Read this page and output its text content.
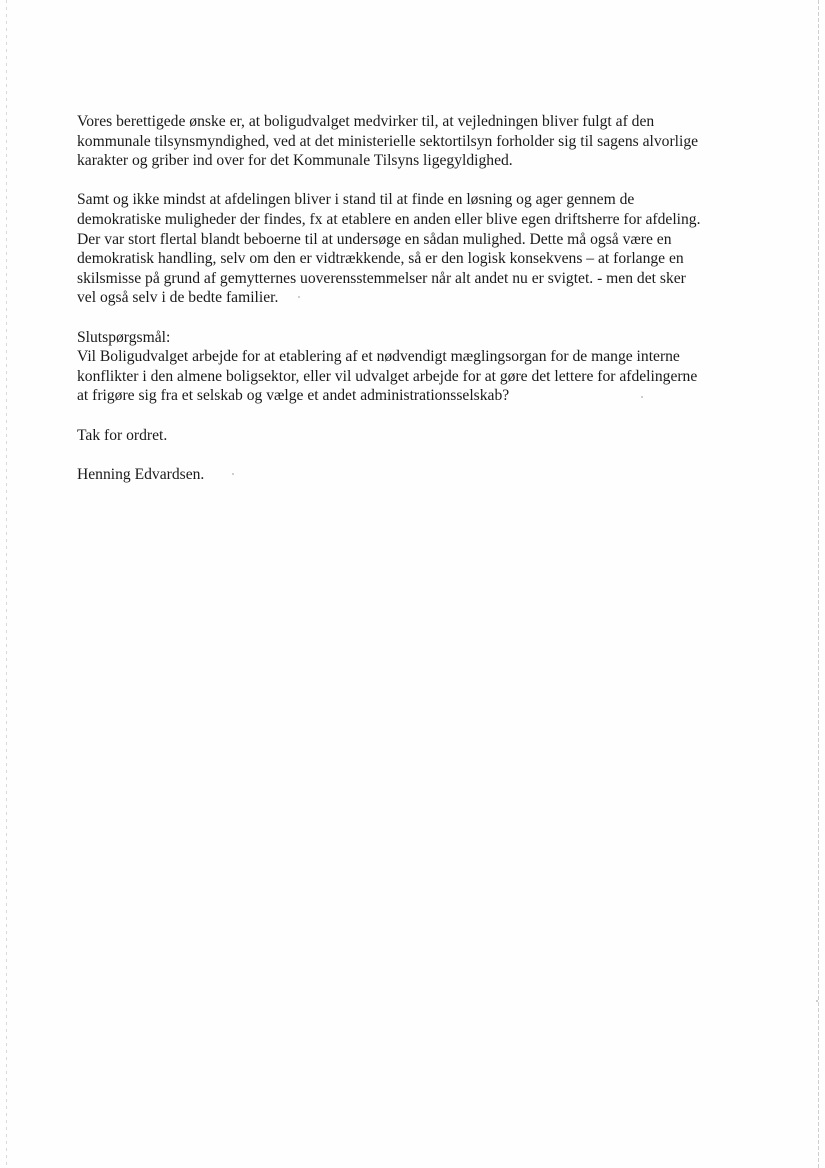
Vores berettigede ønske er, at boligudvalget medvirker til, at vejledningen bliver fulgt af den
kommunale tilsynsmyndighed, ved at det ministerielle sektortilsyn forholder sig til sagens alvorlige
karakter og griber ind over for det Kommunale Tilsyns ligegyldighed.

Samt og ikke mindst at afdelingen bliver i stand til at finde en løsning og ager gennem de
demokratiske muligheder der findes, fx at etablere en anden eller blive egen driftsherre for afdeling.
Der var stort flertal blandt beboerne til at undersøge en sådan mulighed. Dette må også være en
demokratisk handling, selv om den er vidtrækkende, så er den logisk konsekvens – at forlange en
skilsmisse på grund af gemytternes uoverensstemmelser når alt andet nu er svigtet. - men det sker
vel også selv i de bedte familier.

Slutspørgsmål:
Vil Boligudvalget arbejde for at etablering af et nødvendigt mæglingsorgan for de mange interne
konflikter i den almene boligsektor, eller vil udvalget arbejde for at gøre det lettere for afdelingerne
at frigøre sig fra et selskab og vælge et andet administrationsselskab?

Tak for ordret.

Henning Edvardsen.
